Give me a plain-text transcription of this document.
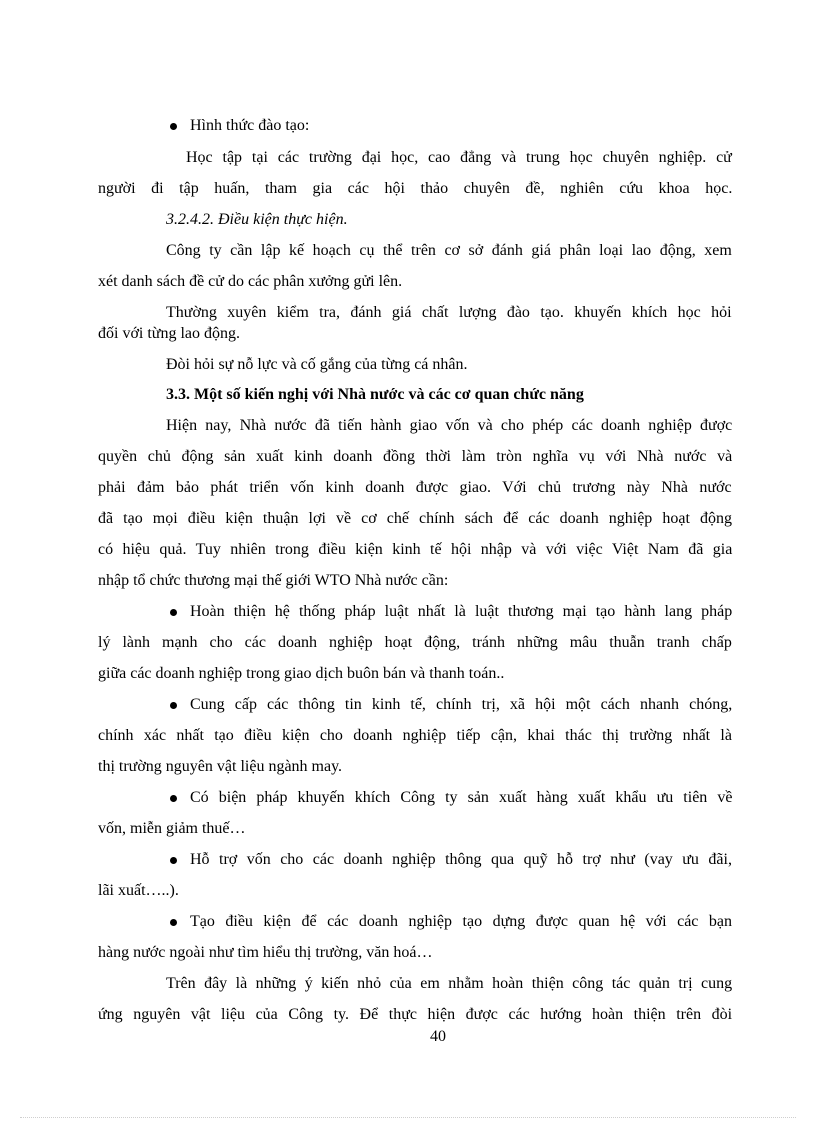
Hình thức đào tạo:
Học tập tại các trường đại học, cao đẳng và trung học chuyên nghiệp. cử
người đi tập huấn, tham gia các hội thảo chuyên đề, nghiên cứu khoa học.
3.2.4.2. Điều kiện thực hiện.
Công ty cần lập kế hoạch cụ thể trên cơ sở đánh giá phân loại lao động, xem
xét danh sách đề cử do các phân xưởng gửi lên.
Thường xuyên kiểm tra, đánh giá chất lượng đào tạo. khuyến khích học hỏi
đối với từng lao động.
Đòi hỏi sự nỗ lực và cố gắng của từng cá nhân.
3.3. Một số kiến nghị với Nhà nước và các cơ quan chức năng
Hiện nay, Nhà nước đã tiến hành giao vốn và cho phép các doanh nghiệp được
quyền chủ động sản xuất kinh doanh đồng thời làm tròn nghĩa vụ với Nhà nước và
phải đảm bảo phát triển vốn kinh doanh được giao. Với chủ trương này Nhà nước
đã tạo mọi điều kiện thuận lợi về cơ chế chính sách để các doanh nghiệp hoạt động
có hiệu quả. Tuy nhiên trong điều kiện kinh tế hội nhập và với việc Việt Nam đã gia
nhập tổ chức thương mại thế giới WTO Nhà nước cần:
Hoàn thiện hệ thống pháp luật nhất là luật thương mại tạo hành lang pháp
lý lành mạnh cho các doanh nghiệp hoạt động, tránh những mâu thuẫn tranh chấp
giữa các doanh nghiệp trong giao dịch buôn bán và thanh toán..
Cung cấp các thông tin kinh tế, chính trị, xã hội một cách nhanh chóng,
chính xác nhất tạo điều kiện cho doanh nghiệp tiếp cận, khai thác thị trường nhất là
thị trường nguyên vật liệu ngành may.
Có biện pháp khuyến khích Công ty sản xuất hàng xuất khẩu ưu tiên về
vốn, miễn giảm thuế…
Hỗ trợ vốn cho các doanh nghiệp thông qua quỹ hỗ trợ như (vay ưu đãi,
lãi xuất…..).
Tạo điều kiện để các doanh nghiệp tạo dựng được quan hệ với các bạn
hàng nước ngoài như tìm hiểu thị trường, văn hoá…
Trên đây là những ý kiến nhỏ của em nhằm hoàn thiện công tác quản trị cung
ứng nguyên vật liệu của Công ty. Để thực hiện được các hướng hoàn thiện trên đòi
40
